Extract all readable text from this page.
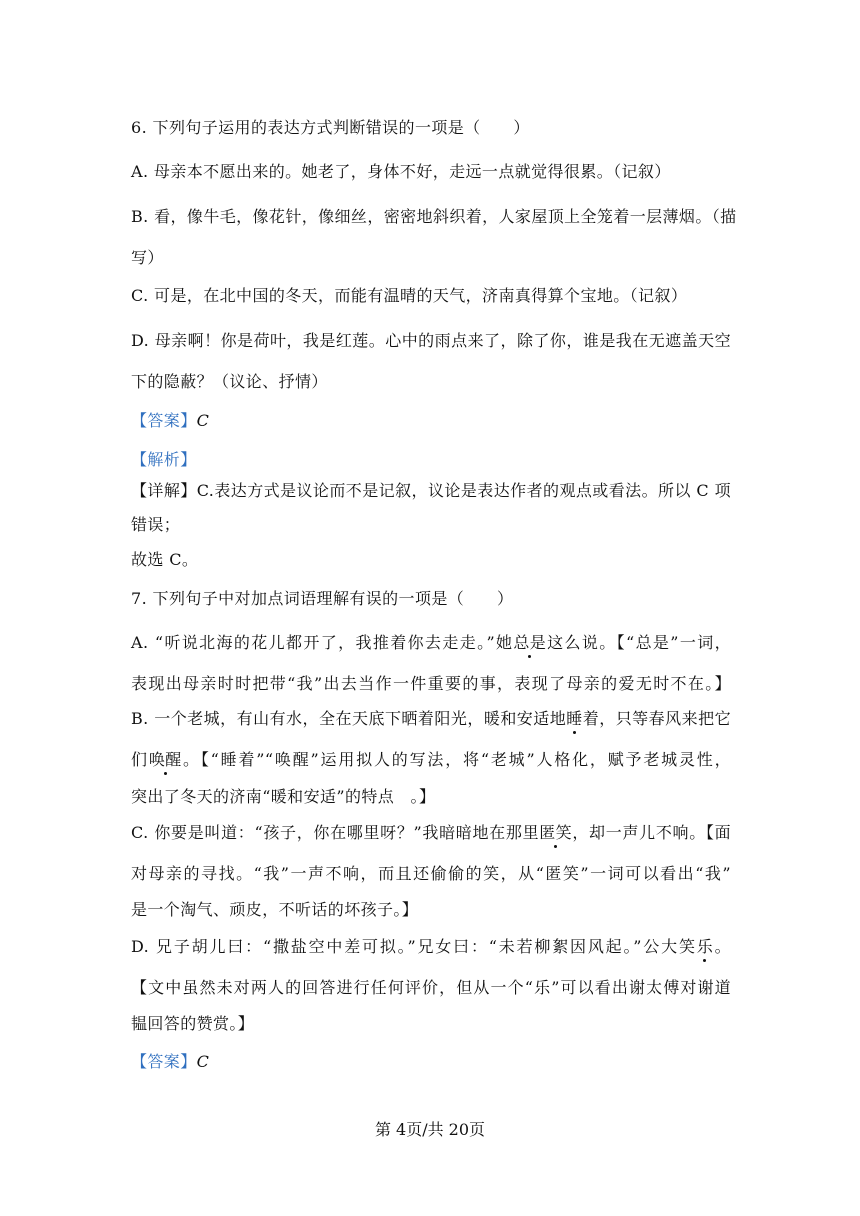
6. 下列句子运用的表达方式判断错误的一项是（　　）
A. 母亲本不愿出来的。她老了，身体不好，走远一点就觉得很累。（记叙）
B. 看，像牛毛，像花针，像细丝，密密地斜织着，人家屋顶上全笼着一层薄烟。（描
写）
C. 可是，在北中国的冬天，而能有温晴的天气，济南真得算个宝地。（记叙）
D. 母亲啊！你是荷叶，我是红莲。心中的雨点来了，除了你，谁是我在无遮盖天空
下的隐蔽？（议论、抒情）
【答案】C
【解析】
【详解】C.表达方式是议论而不是记叙，议论是表达作者的观点或看法。所以 C 项
错误；
故选 C。
7. 下列句子中对加点词语理解有误的一项是（　　）
A. “听说北海的花儿都开了，我推着你去走走。”她总是这么说。【“总是”一词，
表现出母亲时时把带“我”出去当作一件重要的事，表现了母亲的爱无时不在。】
B. 一个老城，有山有水，全在天底下晒着阳光，暖和安适地睡着，只等春风来把它
们唤醒。【“睡着”“唤醒”运用拟人的写法，将“老城”人格化，赋予老城灵性，
突出了冬天的济南“暖和安适”的特点　。】
C. 你要是叫道：“孩子，你在哪里呀？”我暗暗地在那里匿笑，却一声儿不响。【面
对母亲的寻找。“我”一声不响，而且还偷偷的笑，从“匿笑”一词可以看出“我”
是一个淘气、顽皮，不听话的坏孩子。】
D. 兄子胡儿曰：“撒盐空中差可拟。”兄女曰：“未若柳絮因风起。”公大笑乐。
【文中虽然未对两人的回答进行任何评价，但从一个“乐”可以看出谢太傅对谢道
韫回答的赞赏。】
【答案】C
第 4页/共 20页
